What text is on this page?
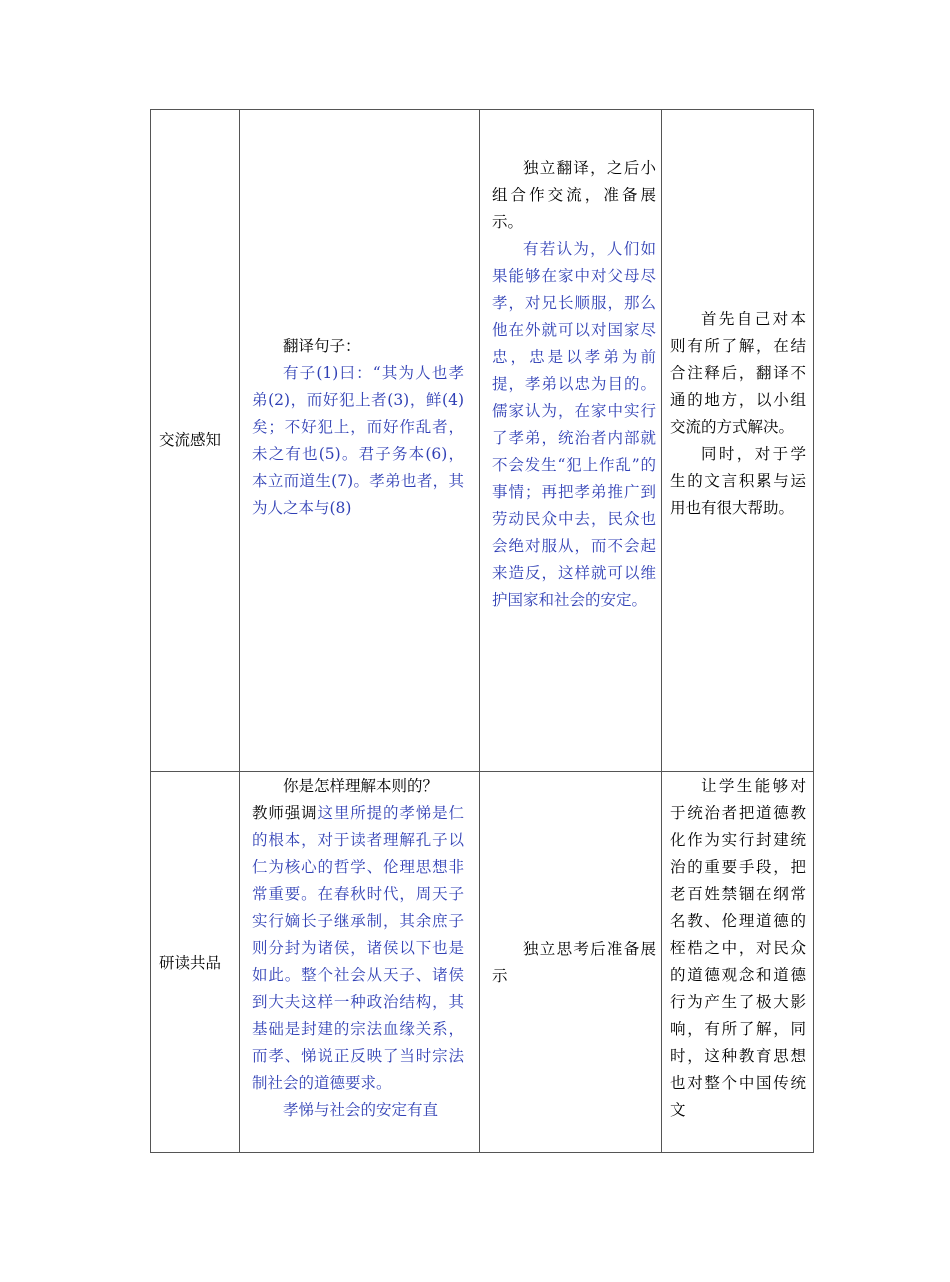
交流感知

翻译句子：

有子(1)曰：“其为人也孝弟(2)，而好犯上者(3)，鲜(4)矣；不好犯上，而好作乱者，未之有也(5)。君子务本(6)，本立而道生(7)。孝弟也者，其为人之本与(8)

独立翻译，之后小组合作交流，准备展示。

有若认为，人们如果能够在家中对父母尽孝，对兄长顺服，那么他在外就可以对国家尽忠，忠是以孝弟为前提，孝弟以忠为目的。儒家认为，在家中实行了孝弟，统治者内部就不会发生“犯上作乱”的事情；再把孝弟推广到劳动民众中去，民众也会绝对服从，而不会起来造反，这样就可以维护国家和社会的安定。

首先自己对本则有所了解，在结合注释后，翻译不通的地方，以小组交流的方式解决。

同时，对于学生的文言积累与运用也有很大帮助。

研读共品

你是怎样理解本则的？

教师强调这里所提的孝悌是仁的根本，对于读者理解孔子以仁为核心的哲学、伦理思想非常重要。在春秋时代，周天子实行嫡长子继承制，其余庶子则分封为诸侯，诸侯以下也是如此。整个社会从天子、诸侯到大夫这样一种政治结构，其基础是封建的宗法血缘关系，而孝、悌说正反映了当时宗法制社会的道德要求。

孝悌与社会的安定有直

独立思考后准备展示

让学生能够对于统治者把道德教化作为实行封建统治的重要手段，把老百姓禁锢在纲常名教、伦理道德的桎梏之中，对民众的道德观念和道德行为产生了极大影响，有所了解，同时，这种教育思想也对整个中国传统文
